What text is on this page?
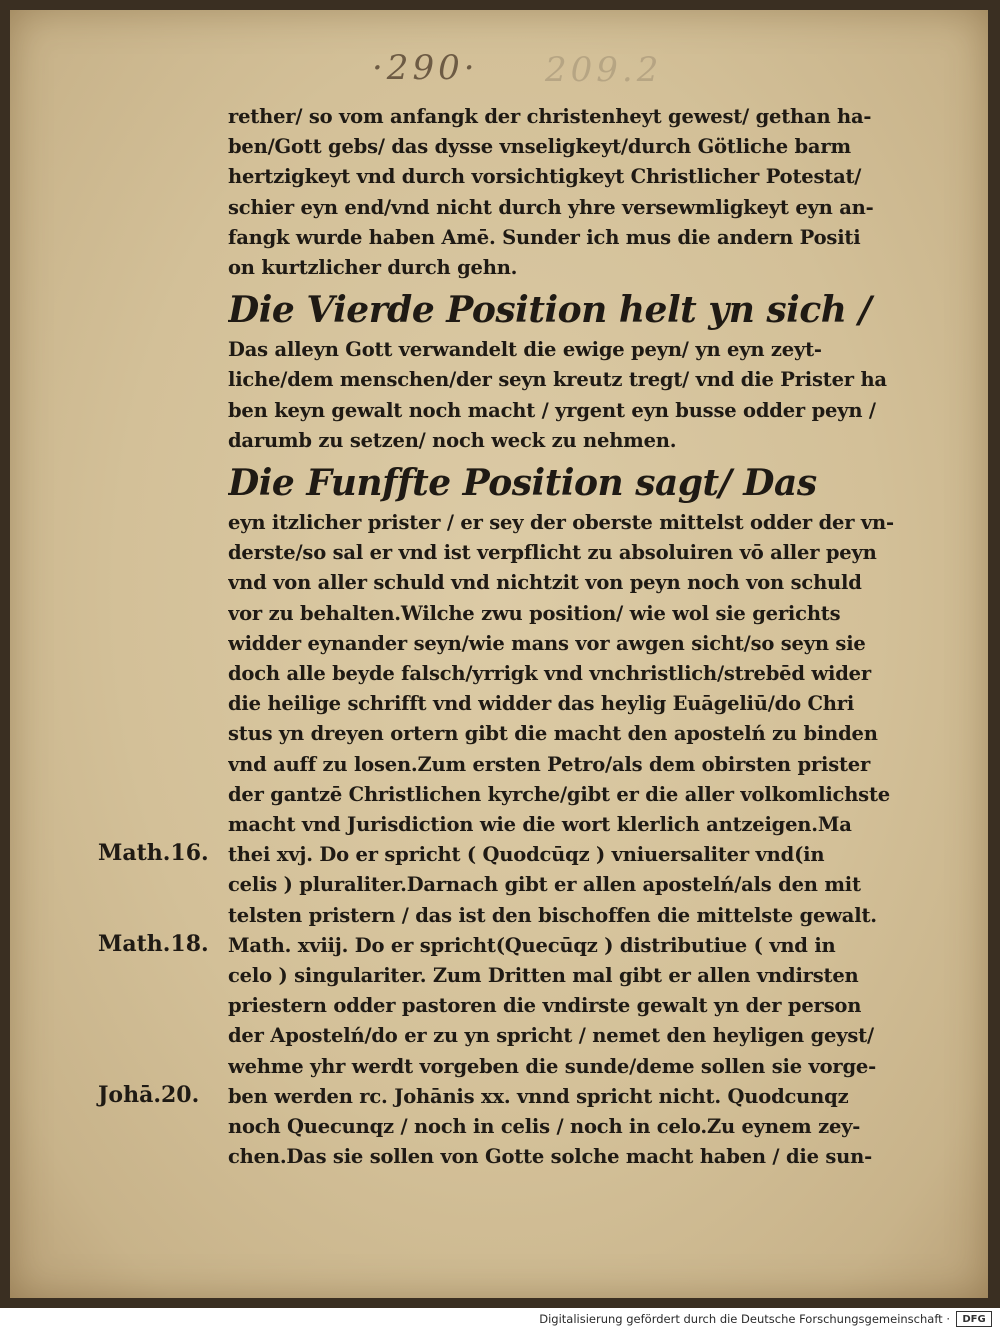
·290·	209.2
rether/ so vom anfangk der christenheyt gewest/ gethan ha-
ben/Gott gebs/ das dysse vnseligkeyt/durch Götliche barm
hertzigkeyt vnd durch vorsichtigkeyt Christlicher Potestat/
schier eyn end/vnd nicht durch yhre versewmligkeyt eyn an-
fangk wurde haben Amē. Sunder ich mus die andern Positi
on kurtzlicher durch gehn.
Die Vierde Position helt yn sich /
Das alleyn Gott verwandelt die ewige peyn/ yn eyn zeyt-
liche/dem menschen/der seyn kreutz tregt/ vnd die Prister ha
ben keyn gewalt noch macht / yrgent eyn busse odder peyn /
darumb zu setzen/ noch weck zu nehmen.
Die Funffte Position sagt/ Das
eyn itzlicher prister / er sey der oberste mittelst odder der vn-
derste/so sal er vnd ist verpflicht zu absoluiren vō aller peyn
vnd von aller schuld vnd nichtzit von peyn noch von schuld
vor zu behalten.Wilche zwu position/ wie wol sie gerichts
widder eynander seyn/wie mans vor awgen sicht/so seyn sie
doch alle beyde falsch/yrrigk vnd vnchristlich/strebēd wider
die heilige schrifft vnd widder das heylig Euāgeliū/do Chri
stus yn dreyen ortern gibt die macht den apostelń zu binden
vnd auff zu losen.Zum ersten Petro/als dem obirsten prister
der gantzē Christlichen kyrche/gibt er die aller volkomlichste
macht vnd Jurisdiction wie die wort klerlich antzeigen.Ma
thei xvj. Do er spricht ( Quodcūqz ) vniuersaliter vnd(in
celis ) pluraliter.Darnach gibt er allen apostelń/als den mit
telsten pristern / das ist den bischoffen die mittelste gewalt.
Math. xviij. Do er spricht(Quecūqz ) distributiue ( vnd in
celo ) singulariter. Zum Dritten mal gibt er allen vndirsten
priestern odder pastoren die vndirste gewalt yn der person
der Apostelń/do er zu yn spricht / nemet den heyligen geyst/
wehme yhr werdt vorgeben die sunde/deme sollen sie vorge-
ben werden rc. Johānis xx. vnnd spricht nicht. Quodcunqz
noch Quecunqz / noch in celis / noch in celo.Zu eynem zey-
chen.Das sie sollen von Gotte solche macht haben / die sun-
Math.16.
Math.18.
Johā.20.
Digitalisierung gefördert durch die Deutsche Forschungsgemeinschaft ·	DFG
